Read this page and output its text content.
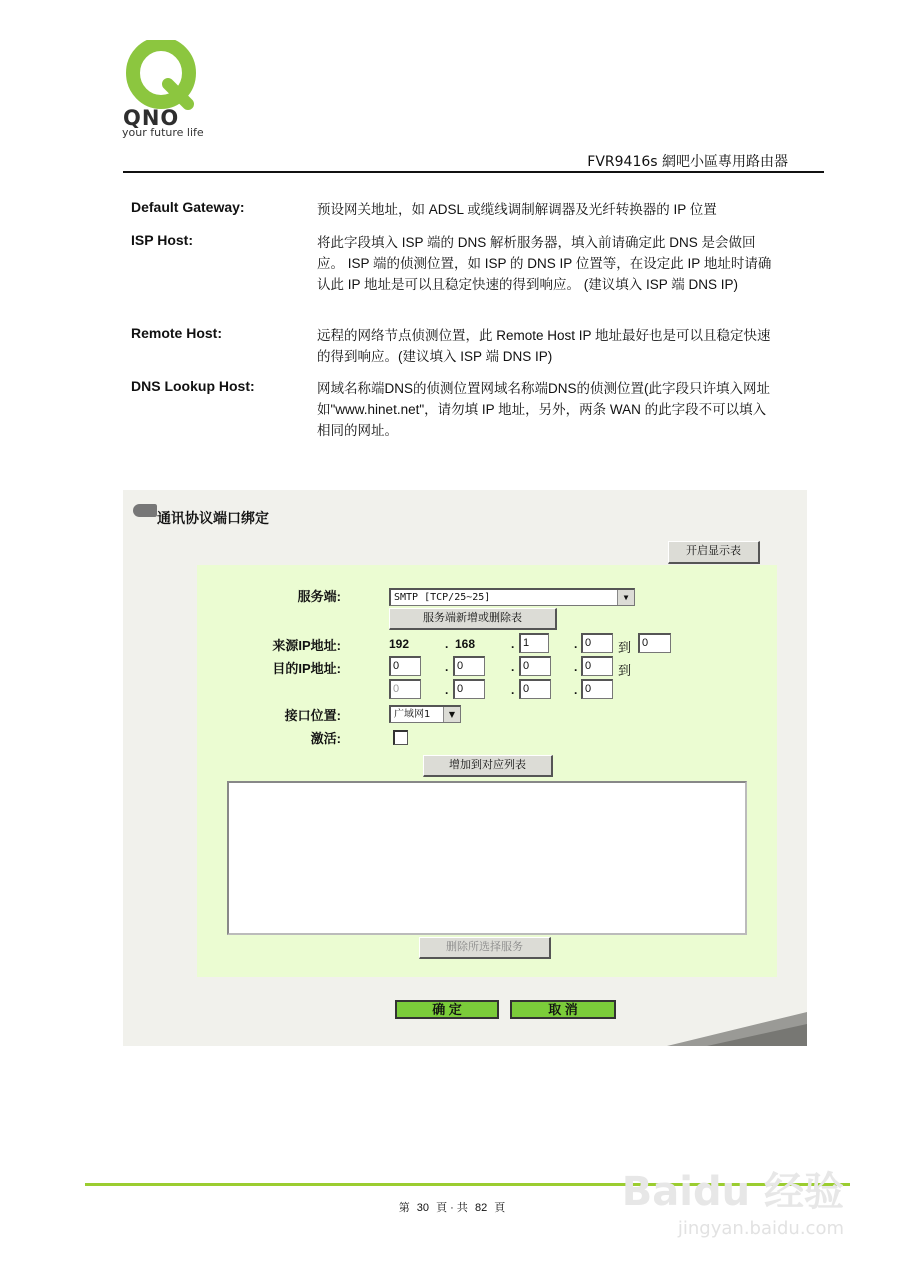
QNO
your future life
FVR9416s 網吧小區專用路由器
Default Gateway:	预设网关地址，如 ADSL 或缆线调制解调器及光纤转换器的 IP 位置
ISP Host:	将此字段填入 ISP 端的 DNS 解析服务器，填入前请确定此 DNS 是会做回应。 ISP 端的侦测位置，如 ISP 的 DNS IP 位置等，在设定此 IP 地址时请确认此 IP 地址是可以且稳定快速的得到响应。 (建议填入 ISP 端 DNS IP)
Remote Host:	远程的网络节点侦测位置，此 Remote Host IP 地址最好也是可以且稳定快速的得到响应。(建议填入 ISP 端 DNS IP)
DNS Lookup Host:	网域名称端DNS的侦测位置网域名称端DNS的侦测位置(此字段只许填入网址如"www.hinet.net"，请勿填 IP 地址，另外，两条 WAN 的此字段不可以填入相同的网址。
通讯协议端口绑定
开启显示表
服务端:	SMTP [TCP/25~25]	▼
服务端新增或删除表
来源IP地址:	192	. 168	. 1	. 0	到 0
目的IP地址:	0	. 0	. 0	. 0	到
0	. 0	. 0	. 0
接口位置:	广域网1	▼
激活:
增加到对应列表
删除所选择服务
确 定	取 消
第 30 頁 · 共 82 頁	Baidu 经验
jingyan.baidu.com
